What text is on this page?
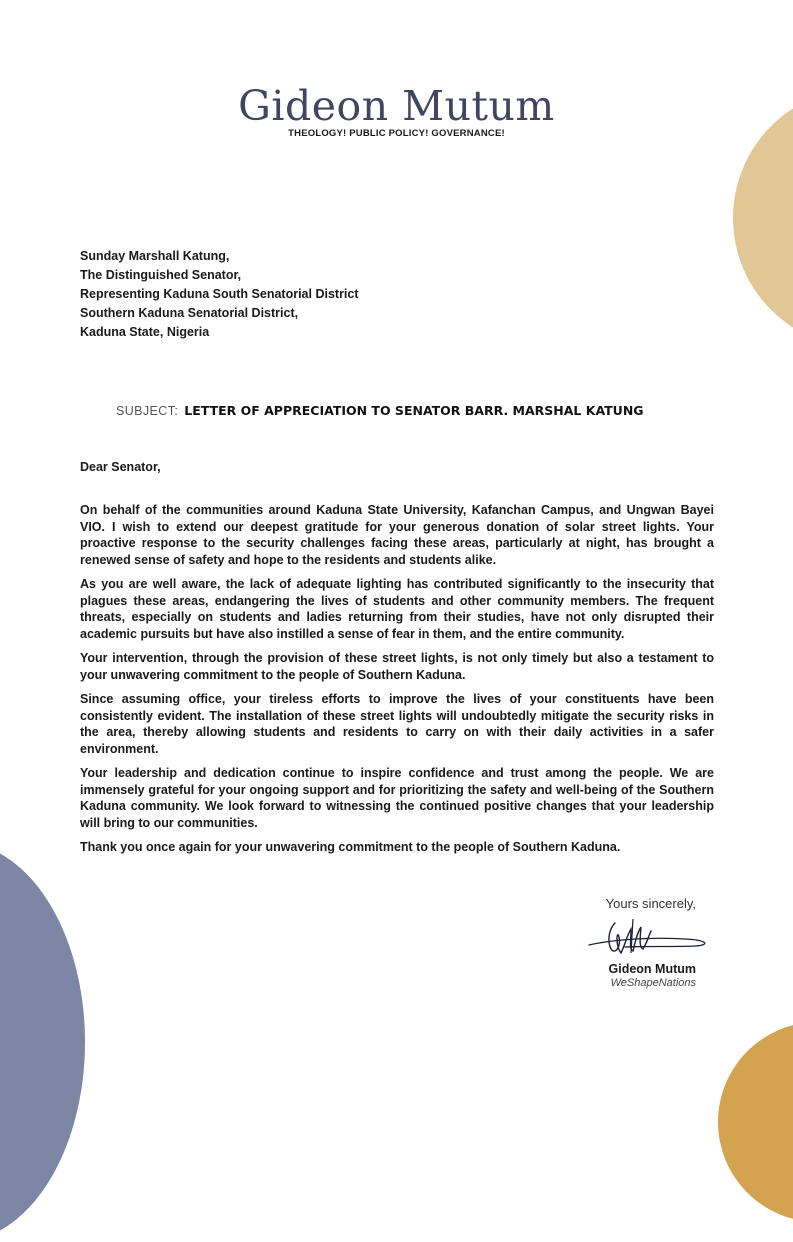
Gideon Mutum
THEOLOGY! PUBLIC POLICY! GOVERNANCE!
Sunday Marshall Katung,
The Distinguished Senator,
Representing Kaduna South Senatorial District
Southern Kaduna Senatorial District,
Kaduna State, Nigeria
SUBJECT: LETTER OF APPRECIATION TO SENATOR BARR. MARSHAL KATUNG
Dear Senator,

On behalf of the communities around Kaduna State University, Kafanchan Campus, and Ungwan Bayei VIO. I wish to extend our deepest gratitude for your generous donation of solar street lights. Your proactive response to the security challenges facing these areas, particularly at night, has brought a renewed sense of safety and hope to the residents and students alike.

As you are well aware, the lack of adequate lighting has contributed significantly to the insecurity that plagues these areas, endangering the lives of students and other community members. The frequent threats, especially on students and ladies returning from their studies, have not only disrupted their academic pursuits but have also instilled a sense of fear in them, and the entire community.

Your intervention, through the provision of these street lights, is not only timely but also a testament to your unwavering commitment to the people of Southern Kaduna.

Since assuming office, your tireless efforts to improve the lives of your constituents have been consistently evident. The installation of these street lights will undoubtedly mitigate the security risks in the area, thereby allowing students and residents to carry on with their daily activities in a safer environment.

Your leadership and dedication continue to inspire confidence and trust among the people. We are immensely grateful for your ongoing support and for prioritizing the safety and well-being of the Southern Kaduna community. We look forward to witnessing the continued positive changes that your leadership will bring to our communities.

Thank you once again for your unwavering commitment to the people of Southern Kaduna.

Yours sincerely,
Gideon Mutum
WeShapeNations
